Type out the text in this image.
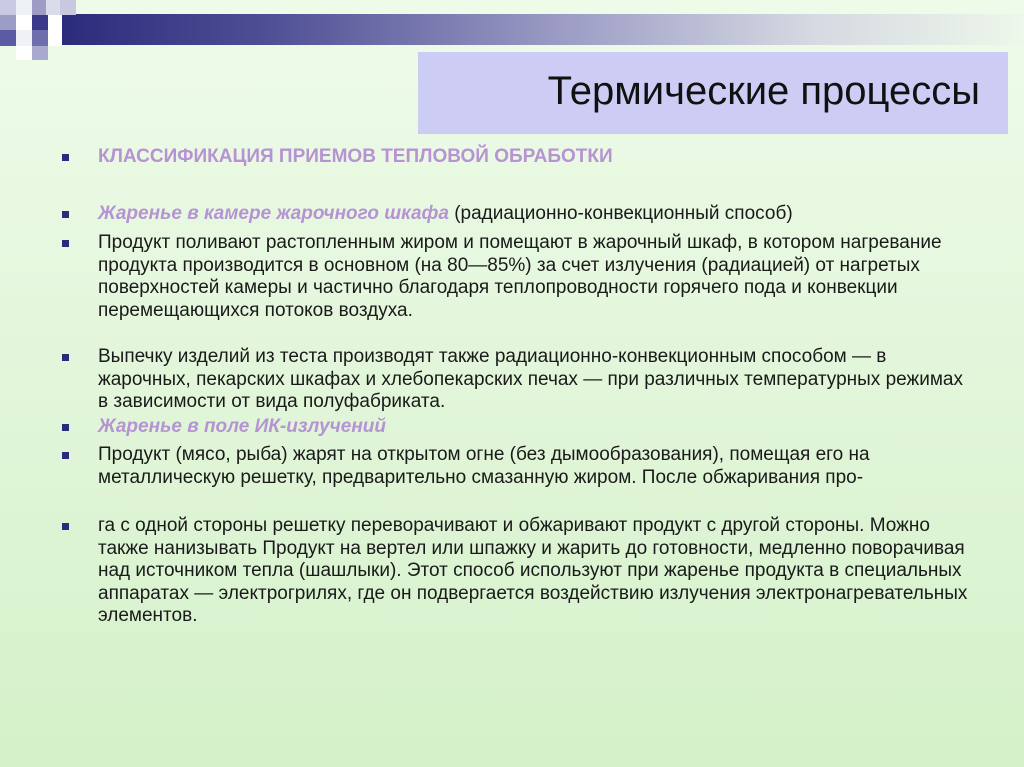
Термические процессы
КЛАССИФИКАЦИЯ ПРИЕМОВ ТЕПЛОВОЙ ОБРАБОТКИ
Жаренье в камере жарочного шкафа (радиационно-конвекционный способ)
Продукт поливают растопленным жиром и помещают в жарочный шкаф, в котором нагревание продукта производится в основном (на 80—85%) за счет излучения (радиацией) от нагретых поверхностей камеры и частично благодаря теплопроводности горячего пода и конвекции перемещающихся потоков воздуха.
Выпечку изделий из теста производят также радиационно-конвекционным способом — в жарочных, пекарских шкафах и хлебопекарских печах — при различных температурных режимах в зависимости от вида полуфабриката.
Жаренье в поле ИК-излучений
Продукт (мясо, рыба) жарят на открытом огне (без дымообразования), помещая его на металлическую решетку, предварительно смазанную жиром. После обжаривания про-
га с одной стороны решетку переворачивают и обжаривают продукт с другой стороны. Можно также нанизывать Продукт на вертел или шпажку и жарить до готовности, медленно поворачивая над источником тепла (шашлыки). Этот способ используют при жаренье продукта в специальных аппаратах — электрогрилях, где он подвергается воздействию излучения электронагревательных элементов.
